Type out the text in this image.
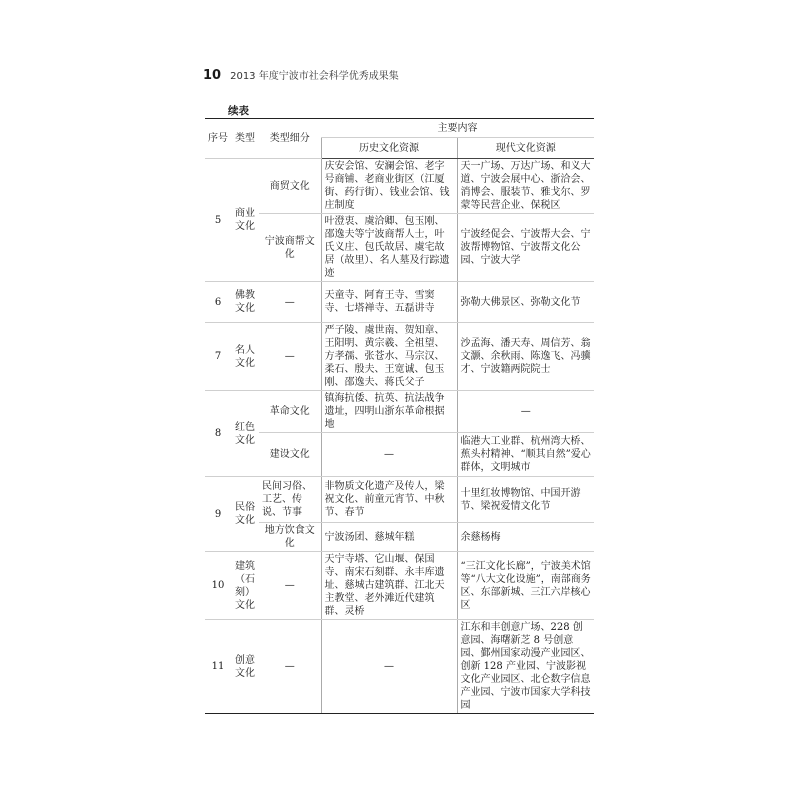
10 2013 年度宁波市社会科学优秀成果集
续表
序号	类型	类型细分	主要内容	
			历史文化资源	现代文化资源
5	商业文化	商贸文化	庆安会馆、安澜会馆、老字号商铺、老商业街区（江厦街、药行街）、钱业会馆、钱庄制度	天一广场、万达广场、和义大道、宁波会展中心、浙洽会、消博会、服装节、雅戈尔、罗蒙等民营企业、保税区
		宁波商帮文化	叶澄衷、虞洽卿、包玉刚、邵逸夫等宁波商帮人士，叶氏义庄、包氏故居、虞宅故居（故里）、名人墓及行踪遗迹	宁波经促会、宁波帮大会、宁波帮博物馆、宁波帮文化公园、宁波大学
6	佛教文化	—	天童寺、阿育王寺、雪窦寺、七塔禅寺、五磊讲寺	弥勒大佛景区、弥勒文化节
7	名人文化	—	严子陵、虞世南、贺知章、王阳明、黄宗羲、全祖望、方孝孺、张苍水、马宗汉、柔石、殷夫、王宽诚、包玉刚、邵逸夫、蒋氏父子	沙孟海、潘天寿、周信芳、翁文灏、余秋雨、陈逸飞、冯骥才、宁波籍两院院士
8	红色文化	革命文化	镇海抗倭、抗英、抗法战争遗址，四明山浙东革命根据地	—
		建设文化	—	临港大工业群、杭州湾大桥、蕉头村精神、“顺其自然”爱心群体，文明城市
9	民俗文化	民间习俗、工艺、传说、节事	非物质文化遗产及传人，梁祝文化、前童元宵节、中秋节、春节	十里红妆博物馆、中国开游节、梁祝爱情文化节
		地方饮食文化	宁波汤团、慈城年糕	余慈杨梅
10	建筑（石刻）文化	—	天宁寺塔、它山堰、保国寺、南宋石刻群、永丰库遗址、慈城古建筑群、江北天主教堂、老外滩近代建筑群、灵桥	“三江文化长廊”，宁波美术馆等“八大文化设施”，南部商务区、东部新城、三江六岸核心区
11	创意文化	—	—	江东和丰创意广场、228 创意园、海曙新芝 8 号创意园、鄞州国家动漫产业园区、创新 128 产业园、宁波影视文化产业园区、北仑数字信息产业园、宁波市国家大学科技园
